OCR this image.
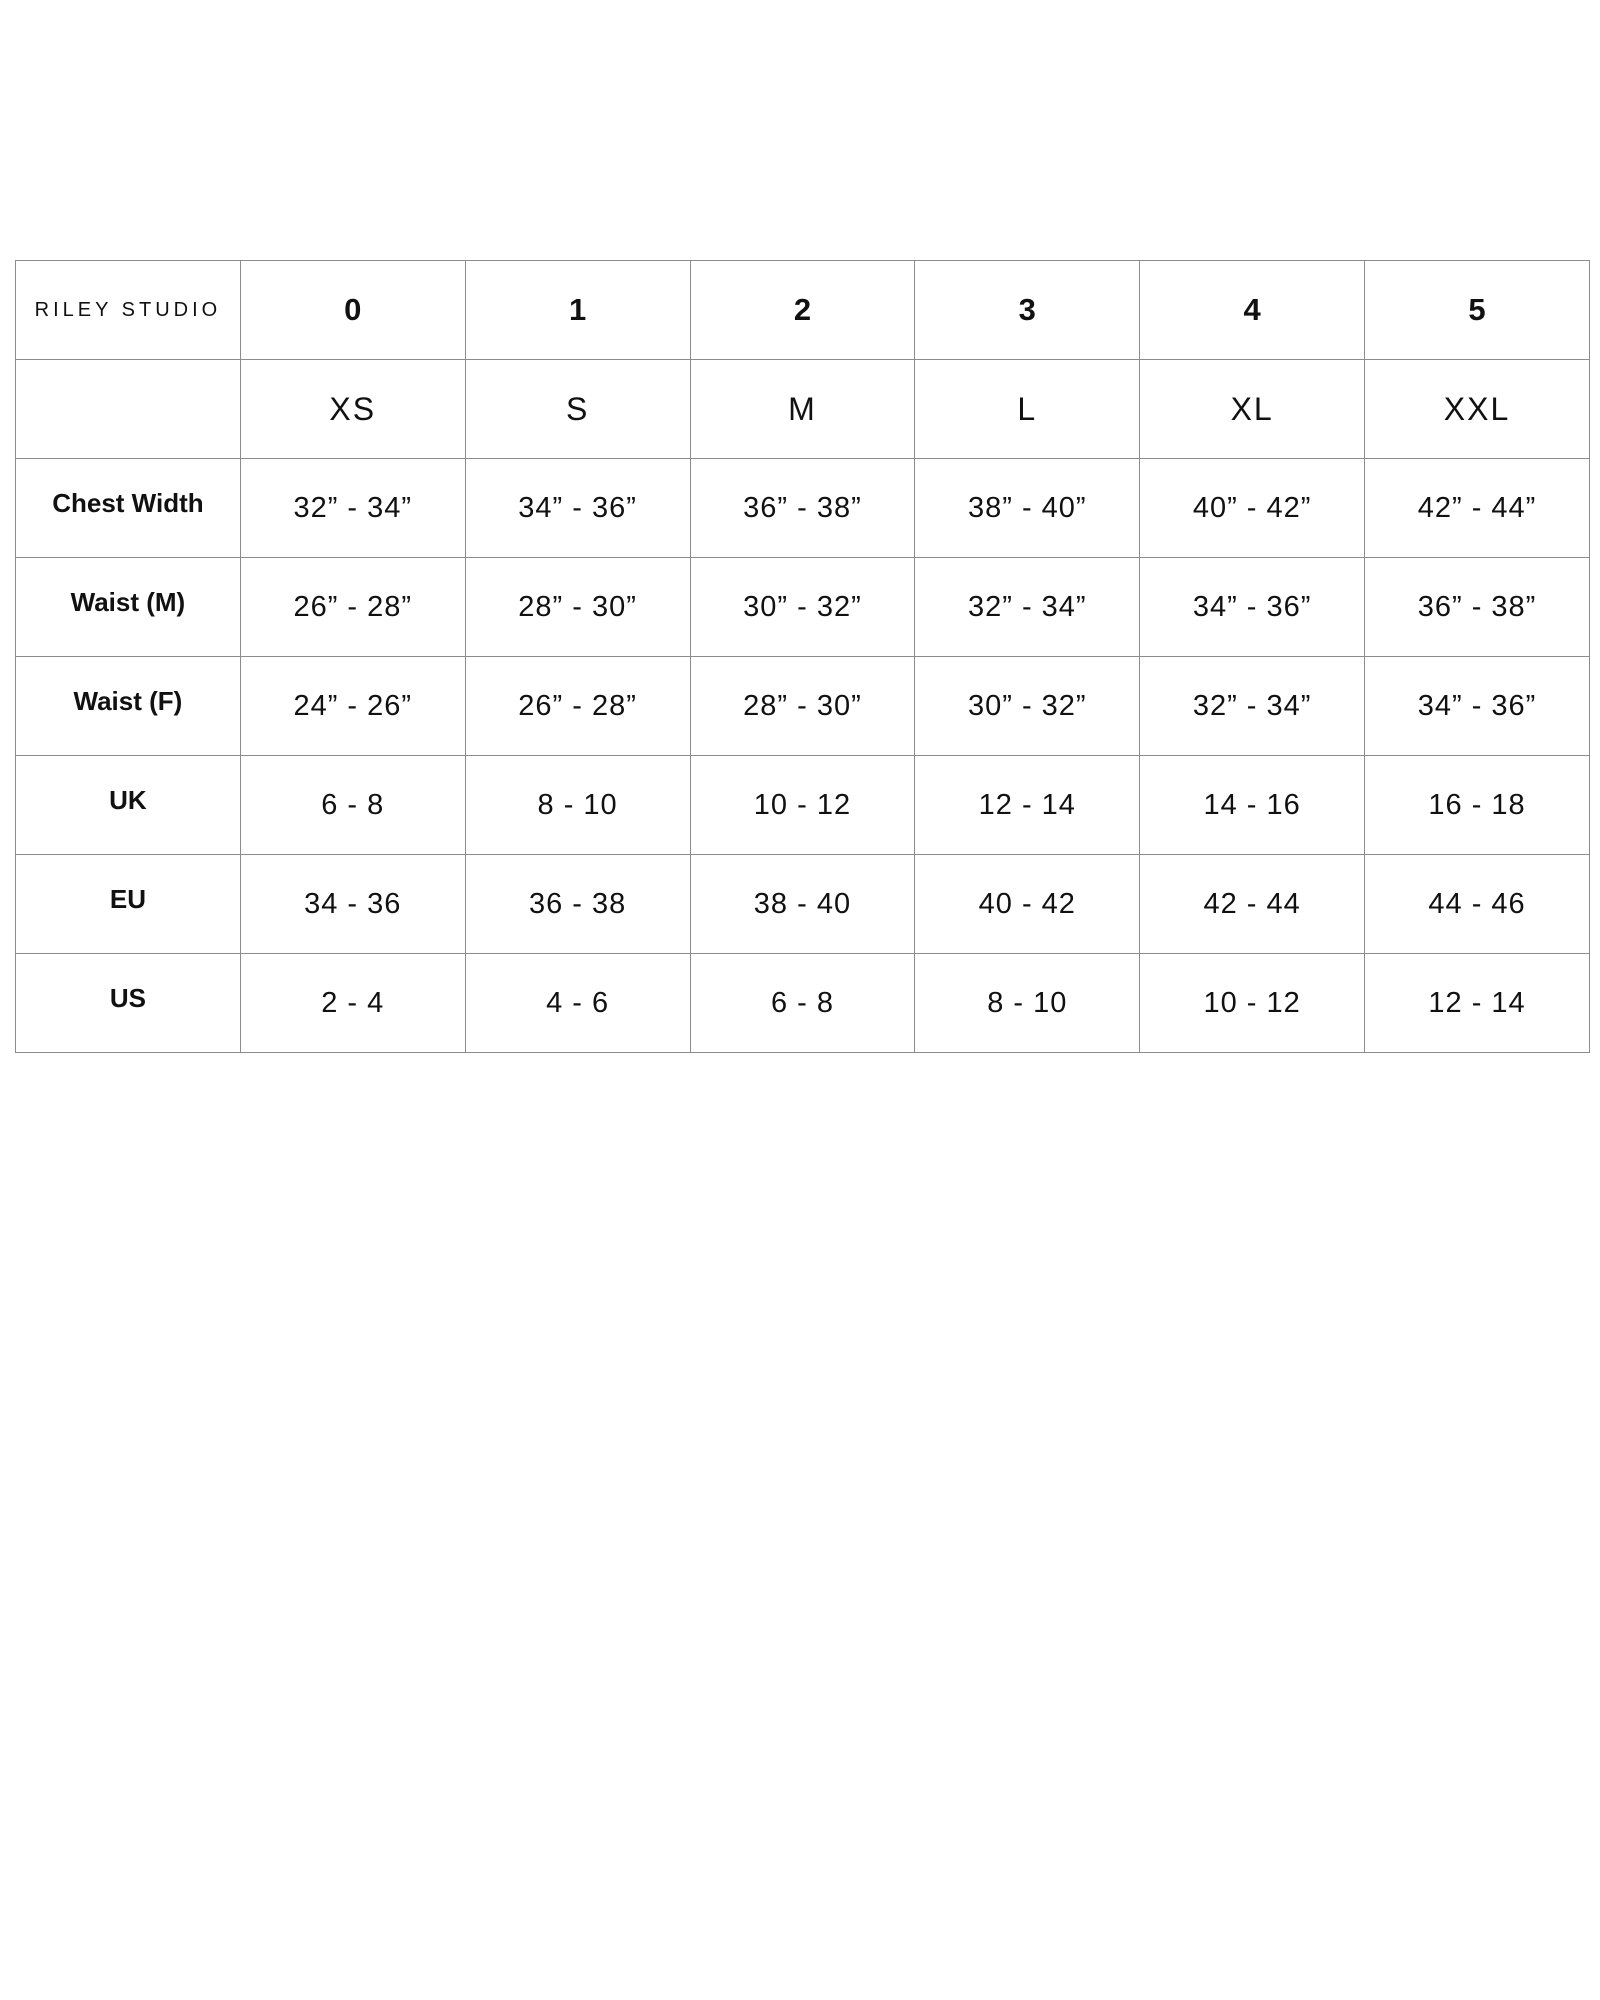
RILEY STUDIO	0	1	2	3	4	5
	XS	S	M	L	XL	XXL
Chest Width	32” - 34”	34” - 36”	36” - 38”	38” - 40”	40” - 42”	42” - 44”
Waist (M)	26” - 28”	28” - 30”	30” - 32”	32” - 34”	34” - 36”	36” - 38”
Waist (F)	24” - 26”	26” - 28”	28” - 30”	30” - 32”	32” - 34”	34” - 36”
UK	6 - 8	8 - 10	10 - 12	12 - 14	14 - 16	16 - 18
EU	34 - 36	36 - 38	38 - 40	40 - 42	42 - 44	44 - 46
US	2 - 4	4 - 6	6 - 8	8 - 10	10 - 12	12 - 14
